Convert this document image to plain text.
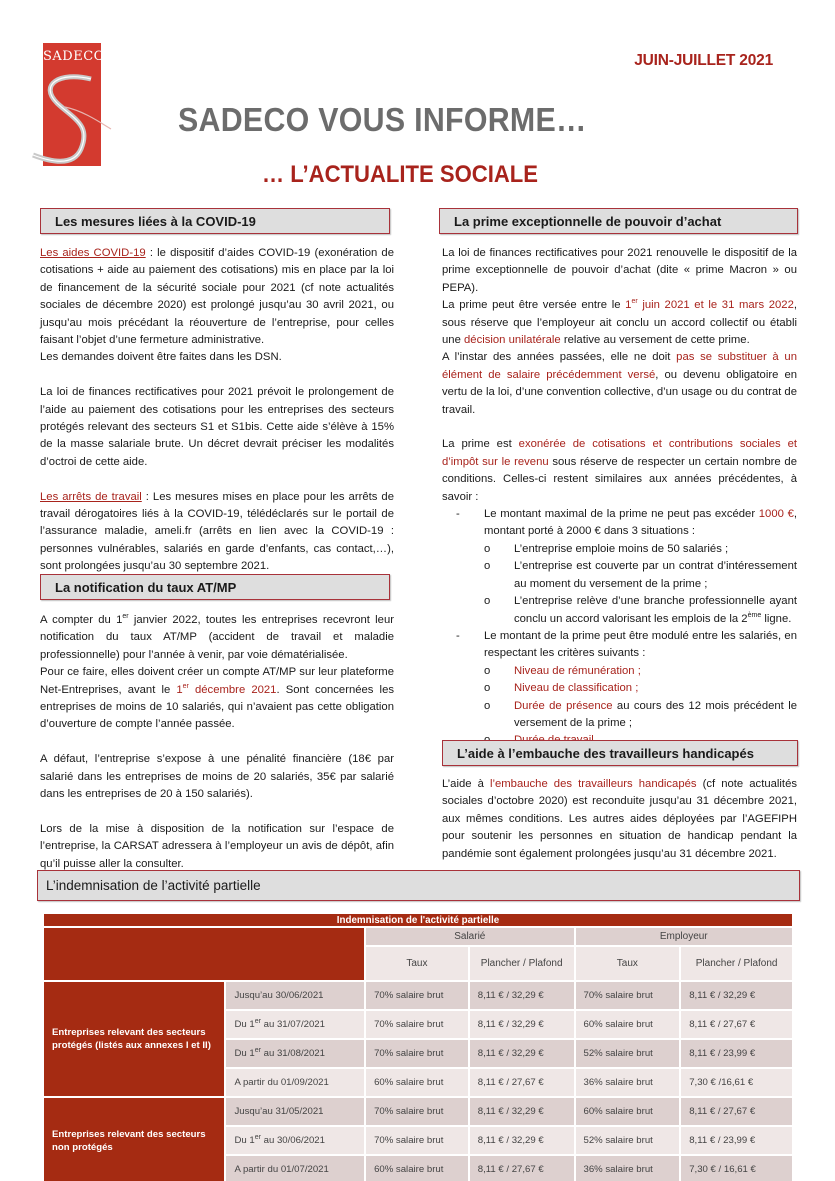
SADECO	JUIN-JUILLET 2021
SADECO VOUS INFORME…
… L’ACTUALITE SOCIALE
Les mesures liées à la COVID-19

Les aides COVID-19 : le dispositif d’aides COVID-19 (exonération de cotisations + aide au paiement des cotisations) mis en place par la loi de financement de la sécurité sociale pour 2021 (cf note actualités sociales de décembre 2020) est prolongé jusqu’au 30 avril 2021, ou jusqu’au mois précédant la réouverture de l’entreprise, pour celles faisant l’objet d’une fermeture administrative.

Les demandes doivent être faites dans les DSN.

La loi de finances rectificatives pour 2021 prévoit le prolongement de l’aide au paiement des cotisations pour les entreprises des secteurs protégés relevant des secteurs S1 et S1bis. Cette aide s’élève à 15% de la masse salariale brute. Un décret devrait préciser les modalités d’octroi de cette aide.

Les arrêts de travail : Les mesures mises en place pour les arrêts de travail dérogatoires liés à la COVID-19, télédéclarés sur le portail de l’assurance maladie, ameli.fr (arrêts en lien avec la COVID-19 : personnes vulnérables, salariés en garde d’enfants, cas contact,…), sont prolongées jusqu’au 30 septembre 2021.

La notification du taux AT/MP

A compter du 1er janvier 2022, toutes les entreprises recevront leur notification du taux AT/MP (accident de travail et maladie professionnelle) pour l’année à venir, par voie dématérialisée.

Pour ce faire, elles doivent créer un compte AT/MP sur leur plateforme Net-Entreprises, avant le 1er décembre 2021. Sont concernées les entreprises de moins de 10 salariés, qui n’avaient pas cette obligation d’ouverture de compte l’année passée.

A défaut, l’entreprise s’expose à une pénalité financière (18€ par salarié dans les entreprises de moins de 20 salariés, 35€ par salarié dans les entreprises de 20 à 150 salariés).

Lors de la mise à disposition de la notification sur l’espace de l’entreprise, la CARSAT adressera à l’employeur un avis de dépôt, afin qu’il puisse aller la consulter.

La prime exceptionnelle de pouvoir d’achat

La loi de finances rectificatives pour 2021 renouvelle le dispositif de la prime exceptionnelle de pouvoir d’achat (dite « prime Macron » ou PEPA).

La prime peut être versée entre le 1er juin 2021 et le 31 mars 2022, sous réserve que l’employeur ait conclu un accord collectif ou établi une décision unilatérale relative au versement de cette prime.

A l’instar des années passées, elle ne doit pas se substituer à un élément de salaire précédemment versé, ou devenu obligatoire en vertu de la loi, d’une convention collective, d’un usage ou du contrat de travail.

La prime est exonérée de cotisations et contributions sociales et d’impôt sur le revenu sous réserve de respecter un certain nombre de conditions. Celles-ci restent similaires aux années précédentes, à savoir :

-	Le montant maximal de la prime ne peut pas excéder 1000 €, montant porté à 2000 € dans 3 situations :
o	L’entreprise emploie moins de 50 salariés ;
o	L’entreprise est couverte par un contrat d’intéressement au moment du versement de la prime ;
o	L’entreprise relève d’une branche professionnelle ayant conclu un accord valorisant les emplois de la 2ème ligne.
-	Le montant de la prime peut être modulé entre les salariés, en respectant les critères suivants :
o	Niveau de rémunération ;
o	Niveau de classification ;
o	Durée de présence au cours des 12 mois précédent le versement de la prime ;
L’aide à l’embauche des travailleurs handicapés

L’aide à l’embauche des travailleurs handicapés (cf note actualités sociales d’octobre 2020) est reconduite jusqu’au 31 décembre 2021, aux mêmes conditions. Les autres aides déployées par l’AGEFIPH pour soutenir les personnes en situation de handicap pendant la pandémie sont également prolongées jusqu’au 31 décembre 2021.

L’indemnisation de l’activité partielle
Indemnisation de l'activité partielle					
		Salarié		Employeur	
		Taux	Plancher / Plafond	Taux	Plancher / Plafond
Entreprises relevant des secteurs protégés (listés aux annexes I et II)	Jusqu’au 30/06/2021	70% salaire brut	8,11 € / 32,29 €	70% salaire brut	8,11 € / 32,29 €
	Du 1er au 31/07/2021	70% salaire brut	8,11 € / 32,29 €	60% salaire brut	8,11 € / 27,67 €
	Du 1er au 31/08/2021	70% salaire brut	8,11 € / 32,29 €	52% salaire brut	8,11 € / 23,99 €
	A partir du 01/09/2021	60% salaire brut	8,11 € / 27,67 €	36% salaire brut	7,30 € /16,61 €
Entreprises relevant des secteurs non protégés	Jusqu’au 31/05/2021	70% salaire brut	8,11 € / 32,29 €	60% salaire brut	8,11 € / 27,67 €
	Du 1er au 30/06/2021	70% salaire brut	8,11 € / 32,29 €	52% salaire brut	8,11 € / 23,99 €
	A partir du 01/07/2021	60% salaire brut	8,11 € / 27,67 €	36% salaire brut	7,30 € / 16,61 €
